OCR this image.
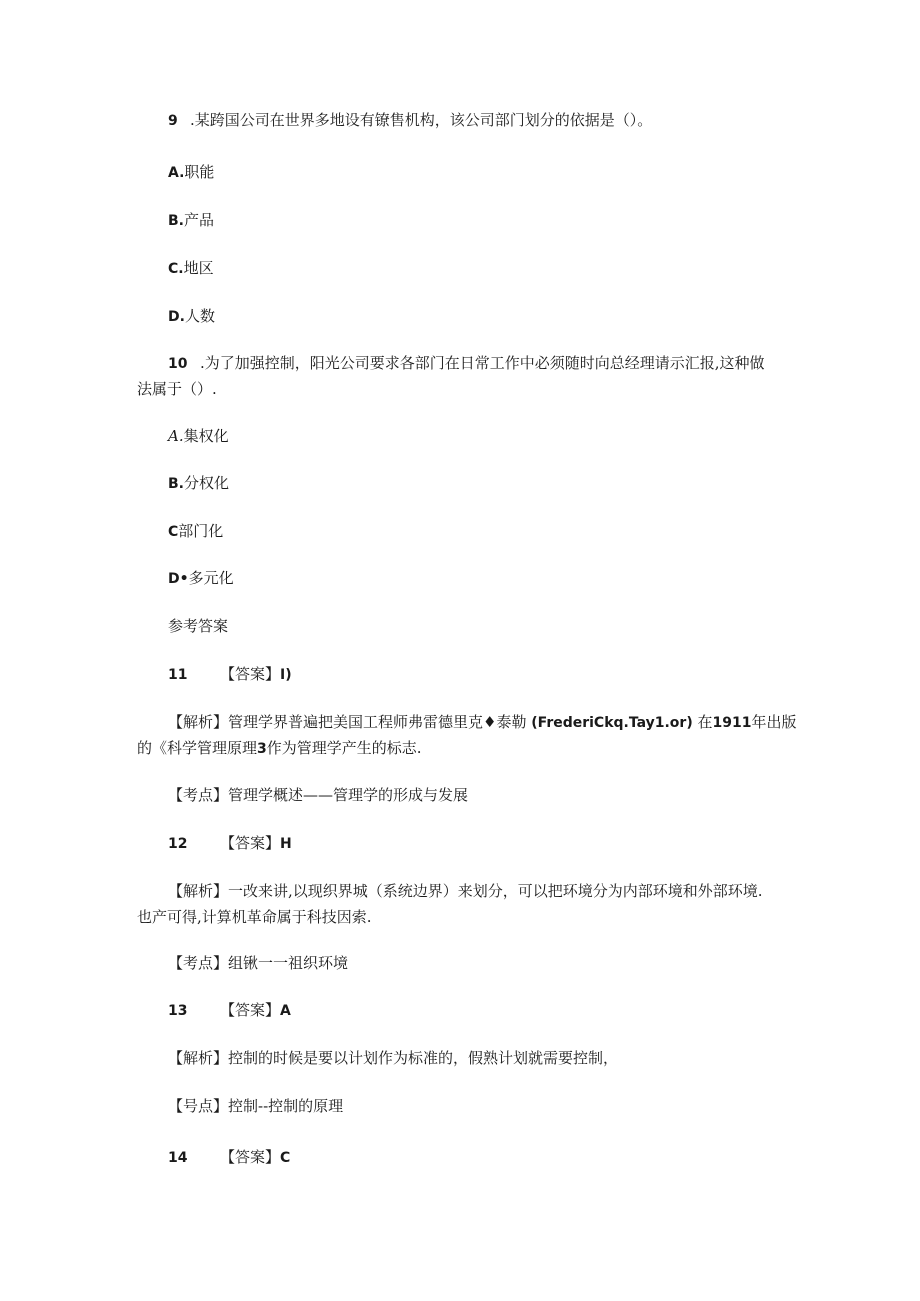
9 .某跨国公司在世界多地设有镣售机构，该公司部门划分的依据是（）。
A.职能
B.产品
C.地区
D.人数
10 .为了加强控制，阳光公司要求各部门在日常工作中必须随时向总经理请示汇报,这种做
法属于（）.
A.集权化
B.分权化
C部门化
D•多元化
参考答案
11 【答案】I)
【解析】管理学界普遍把美国工程师弗雷德里克♦泰勒 (FrederiCkq.Tay1.or) 在1911年出版
的《科学管理原理3作为管理学产生的标志.
【考点】管理学概述——管理学的形成与发展
12 【答案】H
【解析】一改来讲,以现织界城（系统边界）来划分，可以把环境分为内部环境和外部环境.
也产可得,计算机革命属于科技因索.
【考点】组锹一一祖织环境
13 【答案】A
【解析】控制的时候是要以计划作为标准的，假熟计划就需要控制，
【号点】控制--控制的原理
14 【答案】C
